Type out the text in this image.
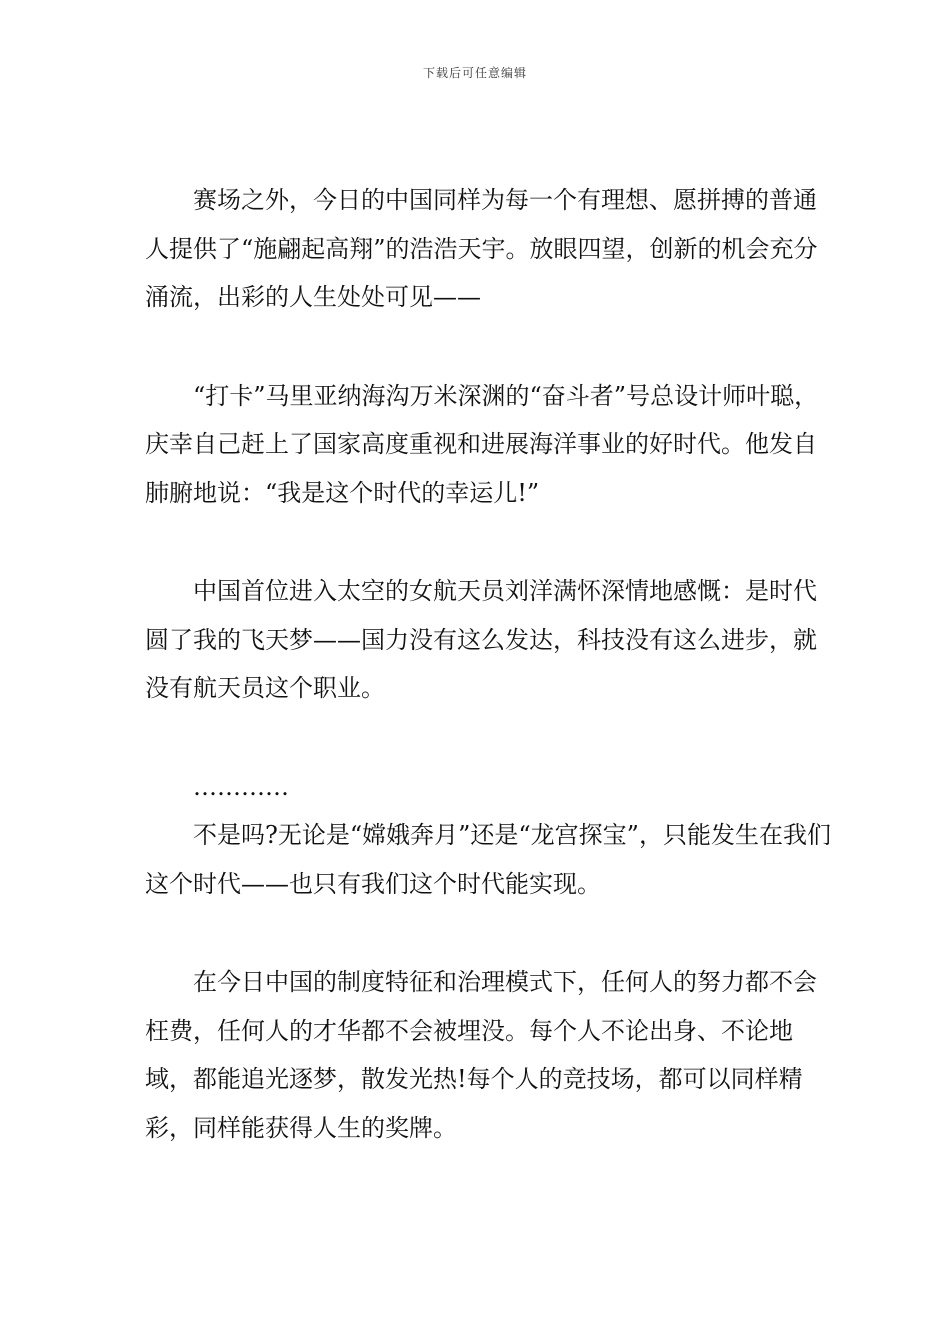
下载后可任意编辑

赛场之外，今日的中国同样为每一个有理想、愿拼搏的普通人提供了“施翩起高翔”的浩浩天宇。放眼四望，创新的机会充分涌流，出彩的人生处处可见——

“打卡”马里亚纳海沟万米深渊的“奋斗者”号总设计师叶聪，庆幸自己赶上了国家高度重视和进展海洋事业的好时代。他发自肺腑地说：“我是这个时代的幸运儿!”

中国首位进入太空的女航天员刘洋满怀深情地感慨：是时代圆了我的飞天梦——国力没有这么发达，科技没有这么进步，就没有航天员这个职业。

…………

不是吗?无论是“嫦娥奔月”还是“龙宫探宝”，只能发生在我们这个时代——也只有我们这个时代能实现。

在今日中国的制度特征和治理模式下，任何人的努力都不会枉费，任何人的才华都不会被埋没。每个人不论出身、不论地域，都能追光逐梦，散发光热!每个人的竞技场，都可以同样精彩，同样能获得人生的奖牌。
